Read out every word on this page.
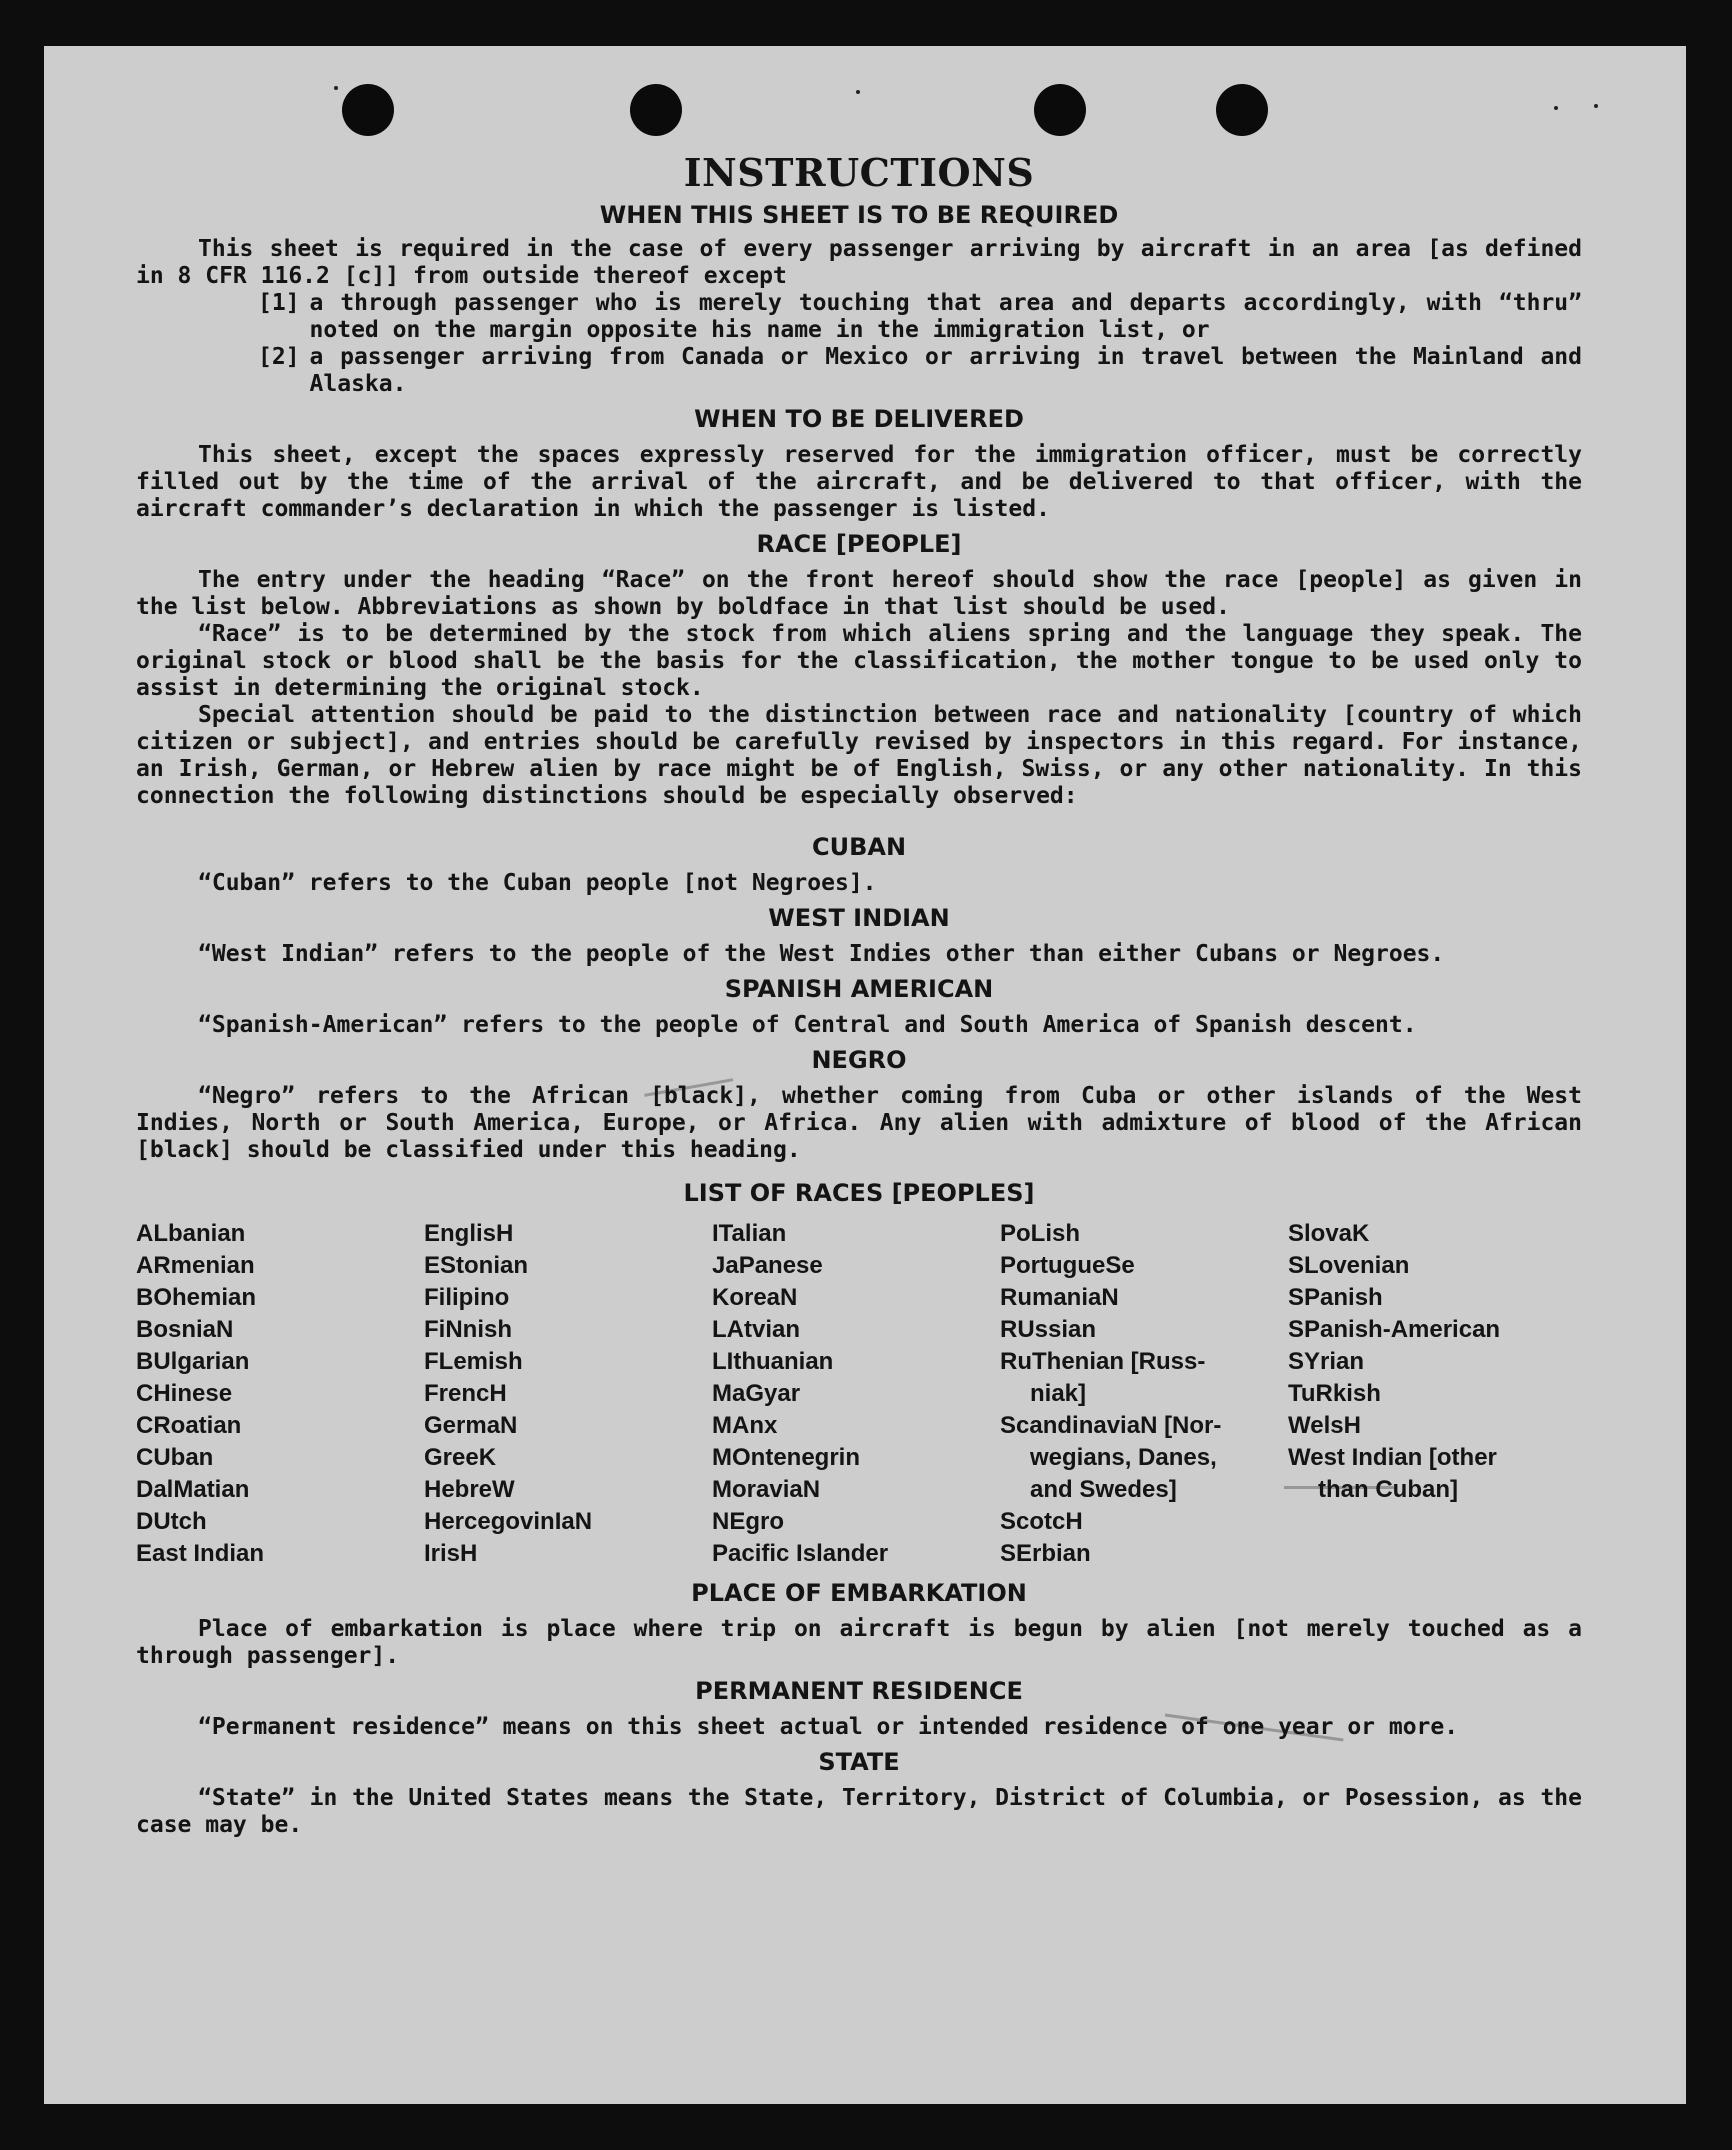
INSTRUCTIONS
WHEN THIS SHEET IS TO BE REQUIRED

This sheet is required in the case of every passenger arriving by aircraft in an area [as defined in 8 CFR 116.2 [c]] from outside thereof except

[1] a through passenger who is merely touching that area and departs accordingly, with “thru” noted on the margin opposite his name in the immigration list, or
[2] a passenger arriving from Canada or Mexico or arriving in travel between the Mainland and Alaska.
WHEN TO BE DELIVERED

This sheet, except the spaces expressly reserved for the immigration officer, must be correctly filled out by the time of the arrival of the aircraft, and be delivered to that officer, with the aircraft commander’s declaration in which the passenger is listed.

RACE [PEOPLE]

The entry under the heading “Race” on the front hereof should show the race [people] as given in the list below. Abbreviations as shown by boldface in that list should be used.

“Race” is to be determined by the stock from which aliens spring and the language they speak. The original stock or blood shall be the basis for the classification, the mother tongue to be used only to assist in determining the original stock.

Special attention should be paid to the distinction between race and nationality [country of which citizen or subject], and entries should be carefully revised by inspectors in this regard. For instance, an Irish, German, or Hebrew alien by race might be of English, Swiss, or any other nationality. In this connection the following distinctions should be especially observed:

CUBAN

“Cuban” refers to the Cuban people [not Negroes].

WEST INDIAN

“West Indian” refers to the people of the West Indies other than either Cubans or Negroes.

SPANISH AMERICAN

“Spanish-American” refers to the people of Central and South America of Spanish descent.

NEGRO

“Negro” refers to the African [black], whether coming from Cuba or other islands of the West Indies, North or South America, Europe, or Africa. Any alien with admixture of blood of the African [black] should be classified under this heading.

LIST OF RACES [PEOPLES]
ALbanian
ARmenian
BOhemian
BosniaN
BUlgarian
CHinese
CRoatian
CUban
DalMatian
DUtch
East Indian
EnglisH
EStonian
Filipino
FiNnish
FLemish
FrencH
GermaN
GreeK
HebreW
HercegovinIaN
IrisH
ITalian
JaPanese
KoreaN
LAtvian
LIthuanian
MaGyar
MAnx
MOntenegrin
MoraviaN
NEgro
Pacific Islander
PoLish
PortugueSe
RumaniaN
RUssian
RuThenian [Russ-
niak]
ScandinaviaN [Nor-
wegians, Danes,
and Swedes]
ScotcH
SErbian
SlovaK
SLovenian
SPanish
SPanish-American
SYrian
TuRkish
WelsH
West Indian [other
than Cuban]
PLACE OF EMBARKATION

Place of embarkation is place where trip on aircraft is begun by alien [not merely touched as a through passenger].

PERMANENT RESIDENCE

“Permanent residence” means on this sheet actual or intended residence of one year or more.

STATE

“State” in the United States means the State, Territory, District of Columbia, or Posession, as the case may be.
